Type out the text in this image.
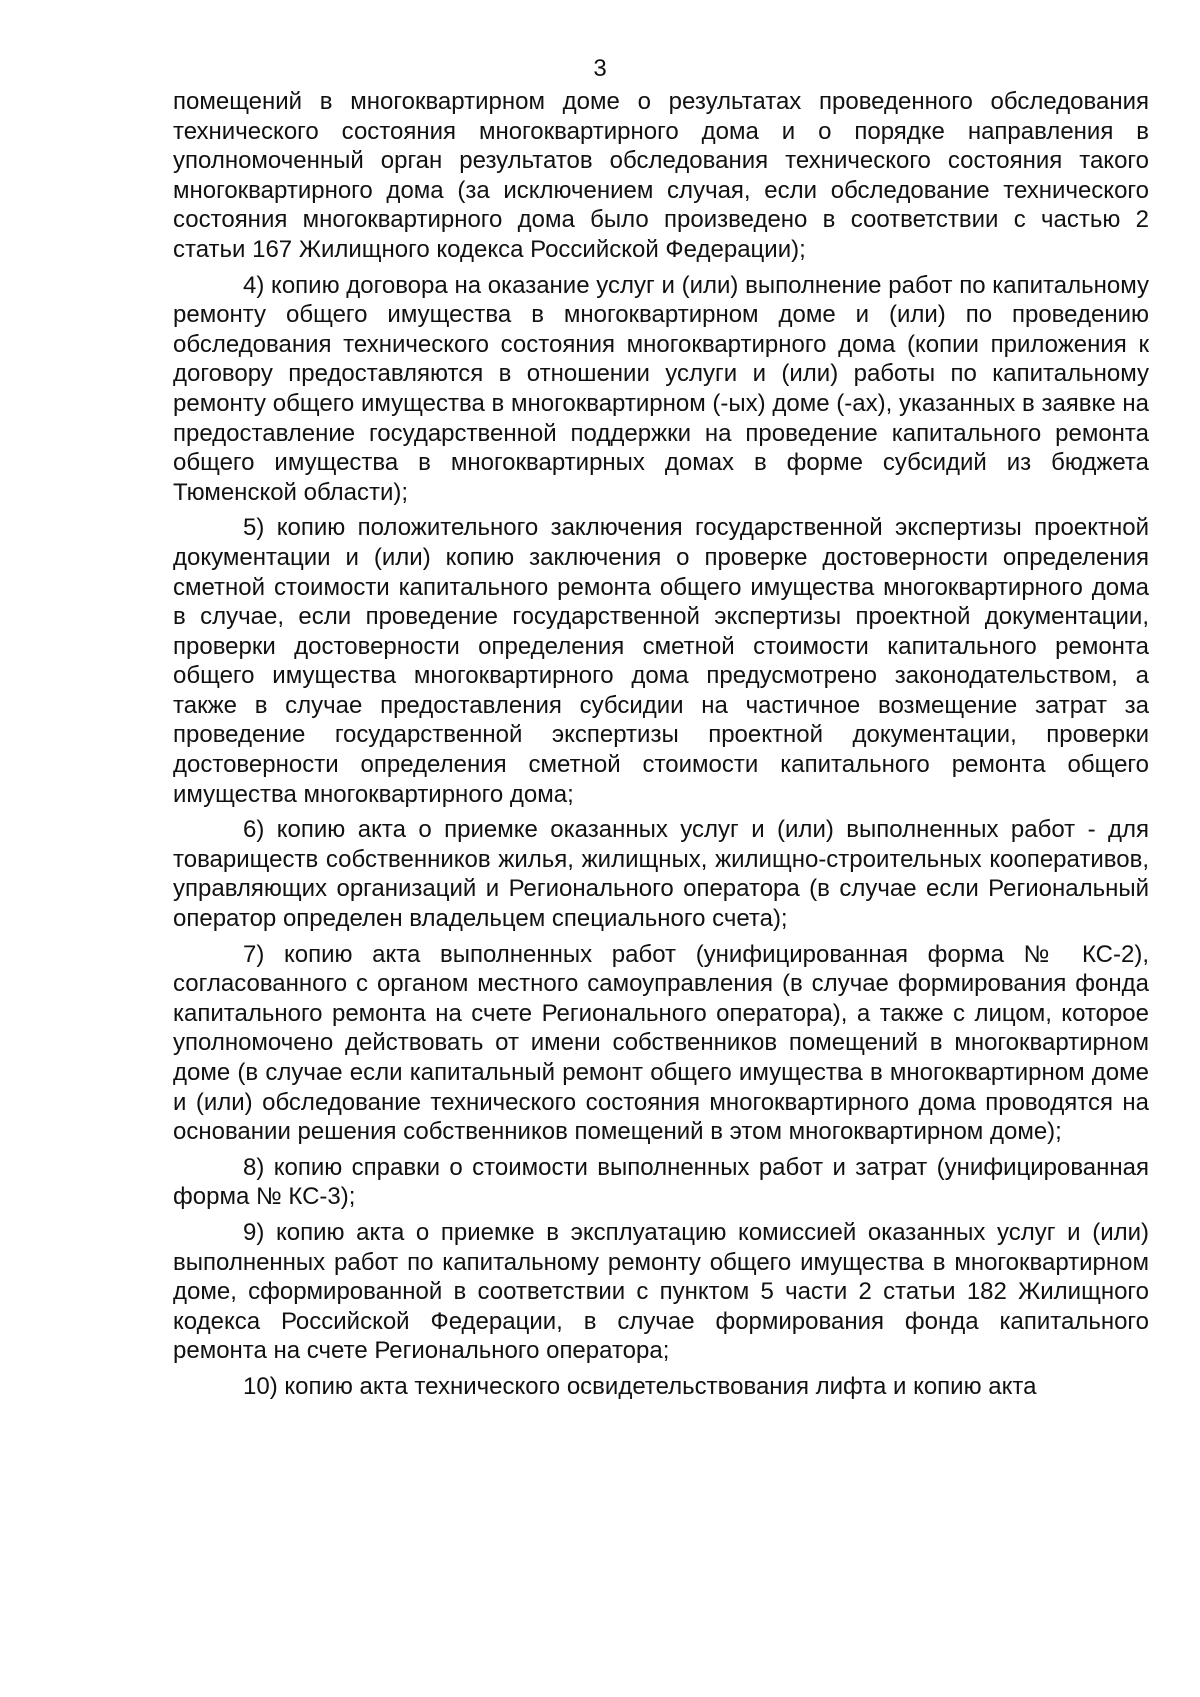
3

помещений в многоквартирном доме о результатах проведенного обследования технического состояния многоквартирного дома и о порядке направления в уполномоченный орган результатов обследования технического состояния такого многоквартирного дома (за исключением случая, если обследование технического состояния многоквартирного дома было произведено в соответствии с частью 2 статьи 167 Жилищного кодекса Российской Федерации);

4) копию договора на оказание услуг и (или) выполнение работ по капитальному ремонту общего имущества в многоквартирном доме и (или) по проведению обследования технического состояния многоквартирного дома (копии приложения к договору предоставляются в отношении услуги и (или) работы по капитальному ремонту общего имущества в многоквартирном (-ых) доме (-ах), указанных в заявке на предоставление государственной поддержки на проведение капитального ремонта общего имущества в многоквартирных домах в форме субсидий из бюджета Тюменской области);

5) копию положительного заключения государственной экспертизы проектной документации и (или) копию заключения о проверке достоверности определения сметной стоимости капитального ремонта общего имущества многоквартирного дома в случае, если проведение государственной экспертизы проектной документации, проверки достоверности определения сметной стоимости капитального ремонта общего имущества многоквартирного дома предусмотрено законодательством, а также в случае предоставления субсидии на частичное возмещение затрат за проведение государственной экспертизы проектной документации, проверки достоверности определения сметной стоимости капитального ремонта общего имущества многоквартирного дома;

6) копию акта о приемке оказанных услуг и (или) выполненных работ - для товариществ собственников жилья, жилищных, жилищно-строительных кооперативов, управляющих организаций и Регионального оператора (в случае если Региональный оператор определен владельцем специального счета);

7) копию акта выполненных работ (унифицированная форма № КС-2), согласованного с органом местного самоуправления (в случае формирования фонда капитального ремонта на счете Регионального оператора), а также с лицом, которое уполномочено действовать от имени собственников помещений в многоквартирном доме (в случае если капитальный ремонт общего имущества в многоквартирном доме и (или) обследование технического состояния многоквартирного дома проводятся на основании решения собственников помещений в этом многоквартирном доме);

8) копию справки о стоимости выполненных работ и затрат (унифицированная форма № КС-3);

9) копию акта о приемке в эксплуатацию комиссией оказанных услуг и (или) выполненных работ по капитальному ремонту общего имущества в многоквартирном доме, сформированной в соответствии с пунктом 5 части 2 статьи 182 Жилищного кодекса Российской Федерации, в случае формирования фонда капитального ремонта на счете Регионального оператора;

10) копию акта технического освидетельствования лифта и копию акта
